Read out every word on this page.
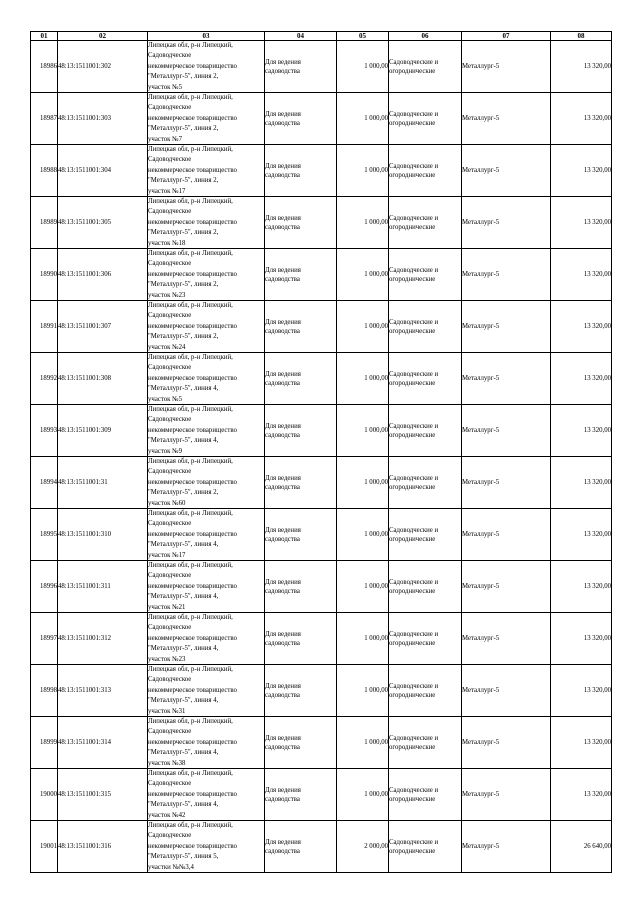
01	02	03	04	05	06	07	08
18986	48:13:1511001:302	Липецкая обл, р-н Липецкий,
Садоводческое
некоммерческое товарищество
"Металлург-5", линия 2,
участок №5	Для ведения
садоводства	1 000,00	Садоводческие и
огороднические	Металлург-5	13 320,00
18987	48:13:1511001:303	Липецкая обл, р-н Липецкий,
Садоводческое
некоммерческое товарищество
"Металлург-5", линия 2,
участок №7	Для ведения
садоводства	1 000,00	Садоводческие и
огороднические	Металлург-5	13 320,00
18988	48:13:1511001:304	Липецкая обл, р-н Липецкий,
Садоводческое
некоммерческое товарищество
"Металлург-5", линия 2,
участок №17	Для ведения
садоводства	1 000,00	Садоводческие и
огороднические	Металлург-5	13 320,00
18989	48:13:1511001:305	Липецкая обл, р-н Липецкий,
Садоводческое
некоммерческое товарищество
"Металлург-5", линия 2,
участок №18	Для ведения
садоводства	1 000,00	Садоводческие и
огороднические	Металлург-5	13 320,00
18990	48:13:1511001:306	Липецкая обл, р-н Липецкий,
Садоводческое
некоммерческое товарищество
"Металлург-5", линия 2,
участок №23	Для ведения
садоводства	1 000,00	Садоводческие и
огороднические	Металлург-5	13 320,00
18991	48:13:1511001:307	Липецкая обл, р-н Липецкий,
Садоводческое
некоммерческое товарищество
"Металлург-5", линия 2,
участок №24	Для ведения
садоводства	1 000,00	Садоводческие и
огороднические	Металлург-5	13 320,00
18992	48:13:1511001:308	Липецкая обл, р-н Липецкий,
Садоводческое
некоммерческое товарищество
"Металлург-5", линия 4,
участок №5	Для ведения
садоводства	1 000,00	Садоводческие и
огороднические	Металлург-5	13 320,00
18993	48:13:1511001:309	Липецкая обл, р-н Липецкий,
Садоводческое
некоммерческое товарищество
"Металлург-5", линия 4,
участок №9	Для ведения
садоводства	1 000,00	Садоводческие и
огороднические	Металлург-5	13 320,00
18994	48:13:1511001:31	Липецкая обл, р-н Липецкий,
Садоводческое
некоммерческое товарищество
"Металлург-5", линия 2,
участок №60	Для ведения
садоводства	1 000,00	Садоводческие и
огороднические	Металлург-5	13 320,00
18995	48:13:1511001:310	Липецкая обл, р-н Липецкий,
Садоводческое
некоммерческое товарищество
"Металлург-5", линия 4,
участок №17	Для ведения
садоводства	1 000,00	Садоводческие и
огороднические	Металлург-5	13 320,00
18996	48:13:1511001:311	Липецкая обл, р-н Липецкий,
Садоводческое
некоммерческое товарищество
"Металлург-5", линия 4,
участок №21	Для ведения
садоводства	1 000,00	Садоводческие и
огороднические	Металлург-5	13 320,00
18997	48:13:1511001:312	Липецкая обл, р-н Липецкий,
Садоводческое
некоммерческое товарищество
"Металлург-5", линия 4,
участок №23	Для ведения
садоводства	1 000,00	Садоводческие и
огороднические	Металлург-5	13 320,00
18998	48:13:1511001:313	Липецкая обл, р-н Липецкий,
Садоводческое
некоммерческое товарищество
"Металлург-5", линия 4,
участок №31	Для ведения
садоводства	1 000,00	Садоводческие и
огороднические	Металлург-5	13 320,00
18999	48:13:1511001:314	Липецкая обл, р-н Липецкий,
Садоводческое
некоммерческое товарищество
"Металлург-5", линия 4,
участок №38	Для ведения
садоводства	1 000,00	Садоводческие и
огороднические	Металлург-5	13 320,00
19000	48:13:1511001:315	Липецкая обл, р-н Липецкий,
Садоводческое
некоммерческое товарищество
"Металлург-5", линия 4,
участок №42	Для ведения
садоводства	1 000,00	Садоводческие и
огороднические	Металлург-5	13 320,00
19001	48:13:1511001:316	Липецкая обл, р-н Липецкий,
Садоводческое
некоммерческое товарищество
"Металлург-5", линия 5,
участки №№3,4	Для ведения
садоводства	2 000,00	Садоводческие и
огороднические	Металлург-5	26 640,00
